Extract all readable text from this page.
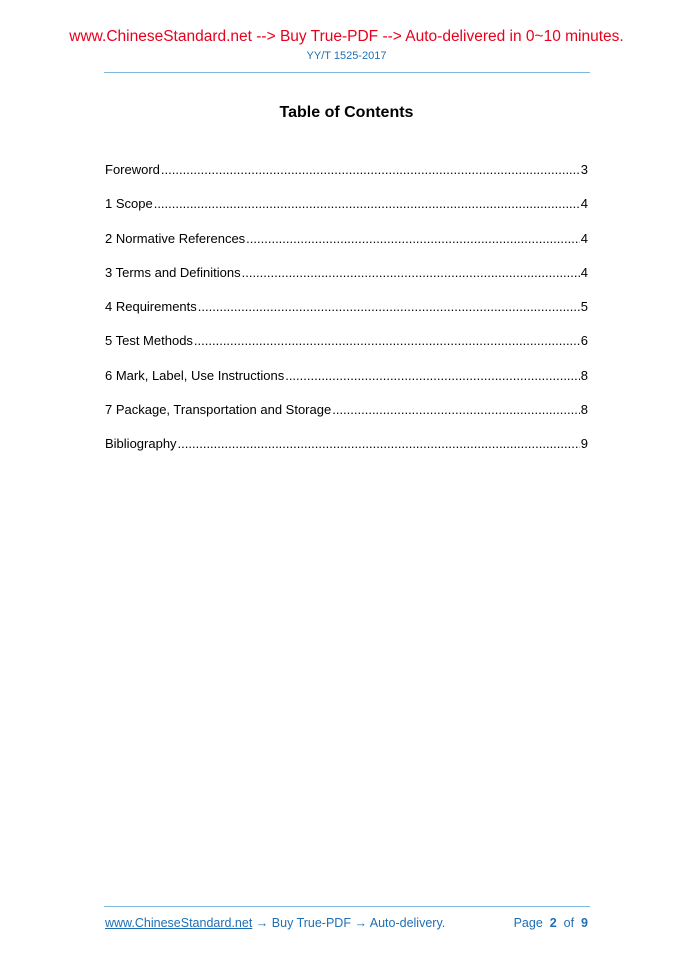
www.ChineseStandard.net --> Buy True-PDF --> Auto-delivered in 0~10 minutes.
YY/T 1525-2017
Table of Contents
Foreword .....	3
1 Scope .....	4
2 Normative References .....	4
3 Terms and Definitions .....	4
4 Requirements .....	5
5 Test Methods .....	6
6 Mark, Label, Use Instructions .....	8
7 Package, Transportation and Storage .....	8
Bibliography .....	9
www.ChineseStandard.net → Buy True-PDF → Auto-delivery.	Page 2 of 9
